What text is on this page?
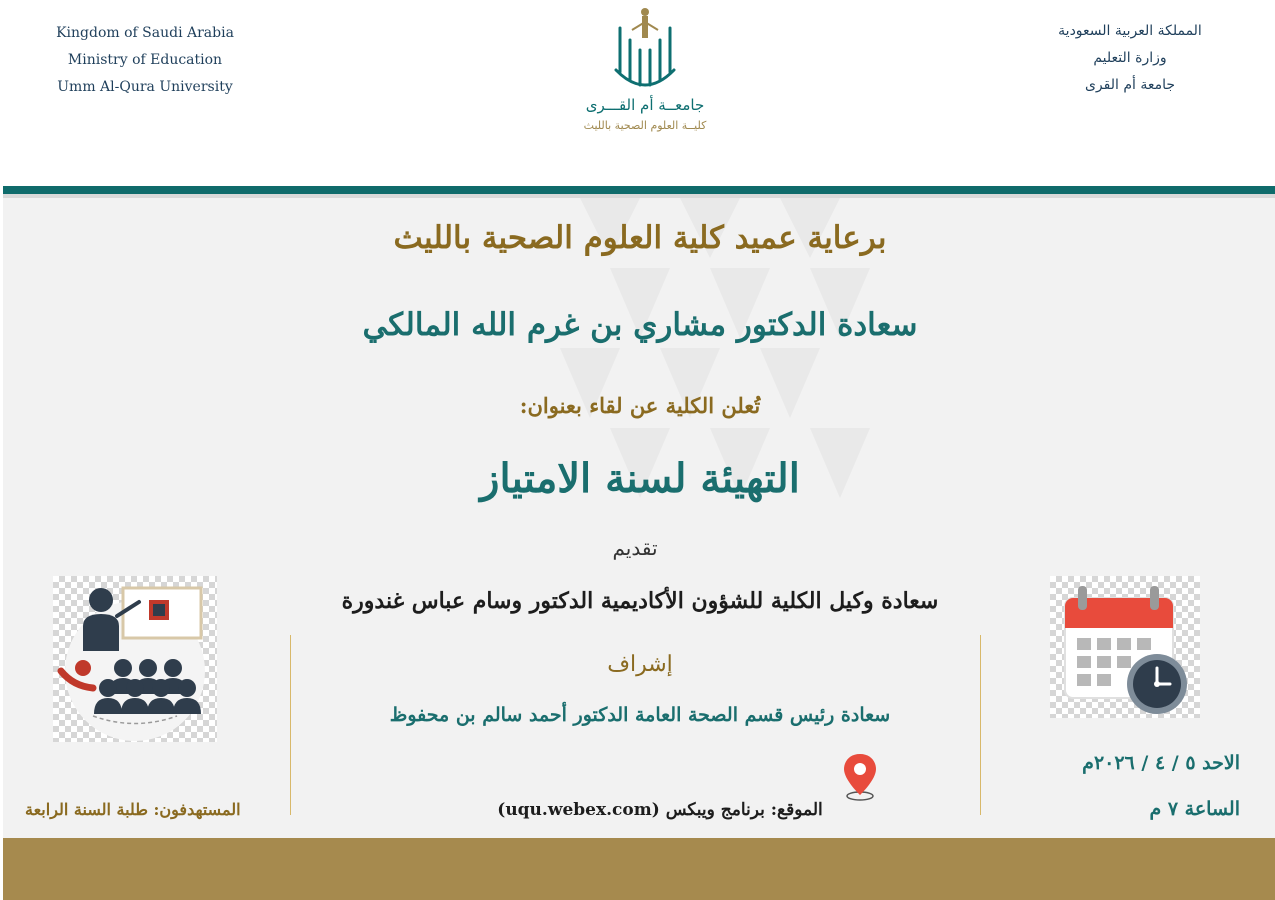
Kingdom of Saudi Arabia
Ministry of Education
Umm Al-Qura University
المملكة العربية السعودية
وزارة التعليم
جامعة أم القرى
جامعــة أم القـــرى
كليــة العلوم الصحية بالليث
برعاية عميد كلية العلوم الصحية بالليث
سعادة الدكتور مشاري بن غرم الله المالكي
تُعلن الكلية عن لقاء بعنوان:
التهيئة لسنة الامتياز
تقديم
سعادة وكيل الكلية للشؤون الأكاديمية الدكتور وسام عباس غندورة
إشراف
سعادة رئيس قسم الصحة العامة الدكتور أحمد سالم بن محفوظ
الاحد ٥ / ٤ / ٢٠٢٦م
الساعة ٧ م
الموقع: برنامج ويبكس (uqu.webex.com)
المستهدفون: طلبة السنة الرابعة
